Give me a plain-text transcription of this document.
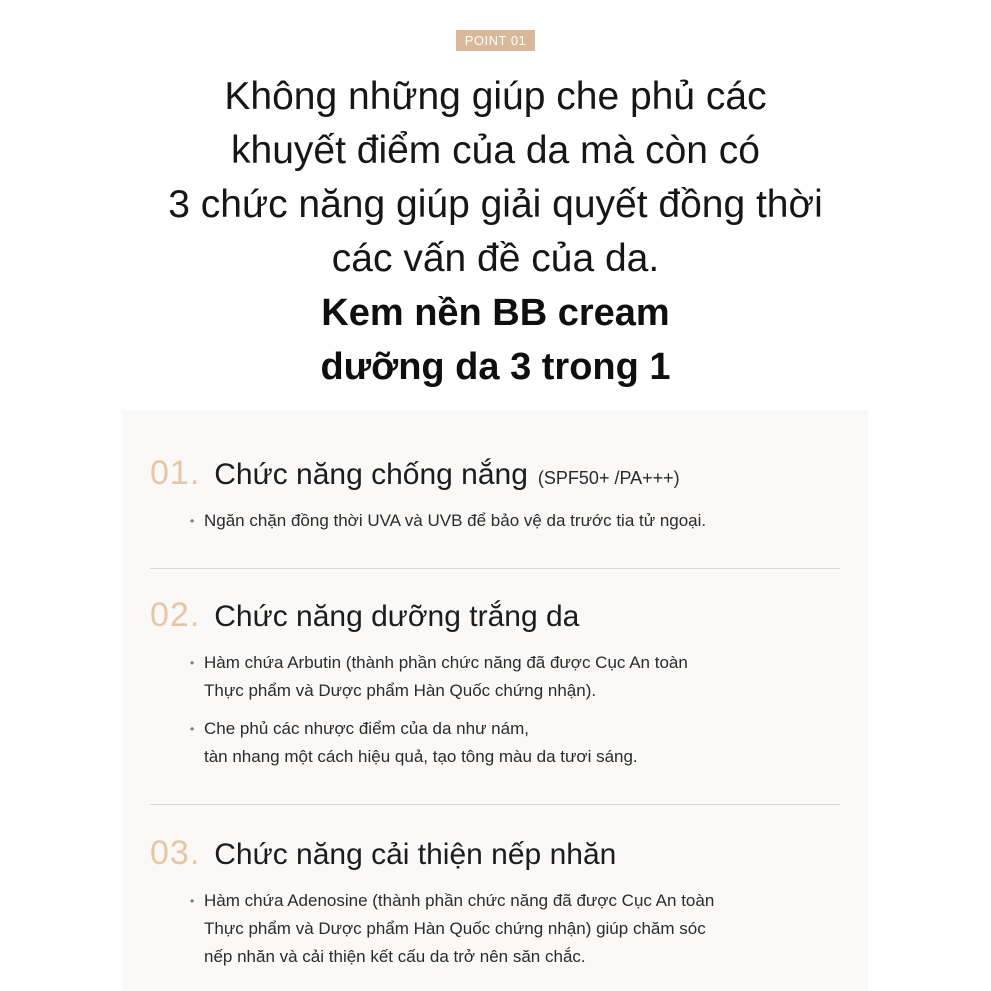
POINT 01
Không những giúp che phủ các
khuyết điểm của da mà còn có
3 chức năng giúp giải quyết đồng thời
các vấn đề của da.
Kem nền BB cream
dưỡng da 3 trong 1
01. Chức năng chống nắng (SPF50+ /PA+++)
• Ngăn chặn đồng thời UVA và UVB để bảo vệ da trước tia tử ngoại.
02. Chức năng dưỡng trắng da
• Hàm chứa Arbutin (thành phần chức năng đã được Cục An toàn
Thực phẩm và Dược phẩm Hàn Quốc chứng nhận).
• Che phủ các nhược điểm của da như nám,
tàn nhang một cách hiệu quả, tạo tông màu da tươi sáng.
03. Chức năng cải thiện nếp nhăn
• Hàm chứa Adenosine (thành phần chức năng đã được Cục An toàn
Thực phẩm và Dược phẩm Hàn Quốc chứng nhận) giúp chăm sóc
nếp nhăn và cải thiện kết cấu da trở nên săn chắc.
